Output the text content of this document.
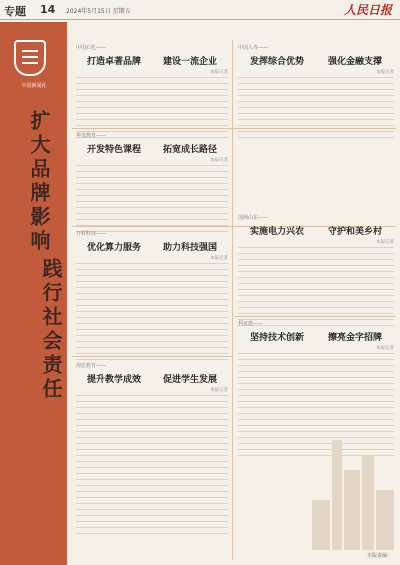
专题 14 2024年5月15日 星期五	人民日报
中国新闻社
扩大品牌影响
践行社会责任
中国石化——
打造卓著品牌 建设一流企业
本报记者
中国人寿——
发挥综合优势	强化金融支撑
本报记者
华茂教育——
开发特色课程 拓宽成长路径
本报记者
国网山东——
实施电力兴农	守护和美乡村
本报记者
开科科技——
优化算力服务 助力科技强国
本报记者
利亚德——
坚持技术创新	擦亮金字招牌
本报记者
海思教育——
提升教学成效 促进学生发展
本报记者
本版责编：
